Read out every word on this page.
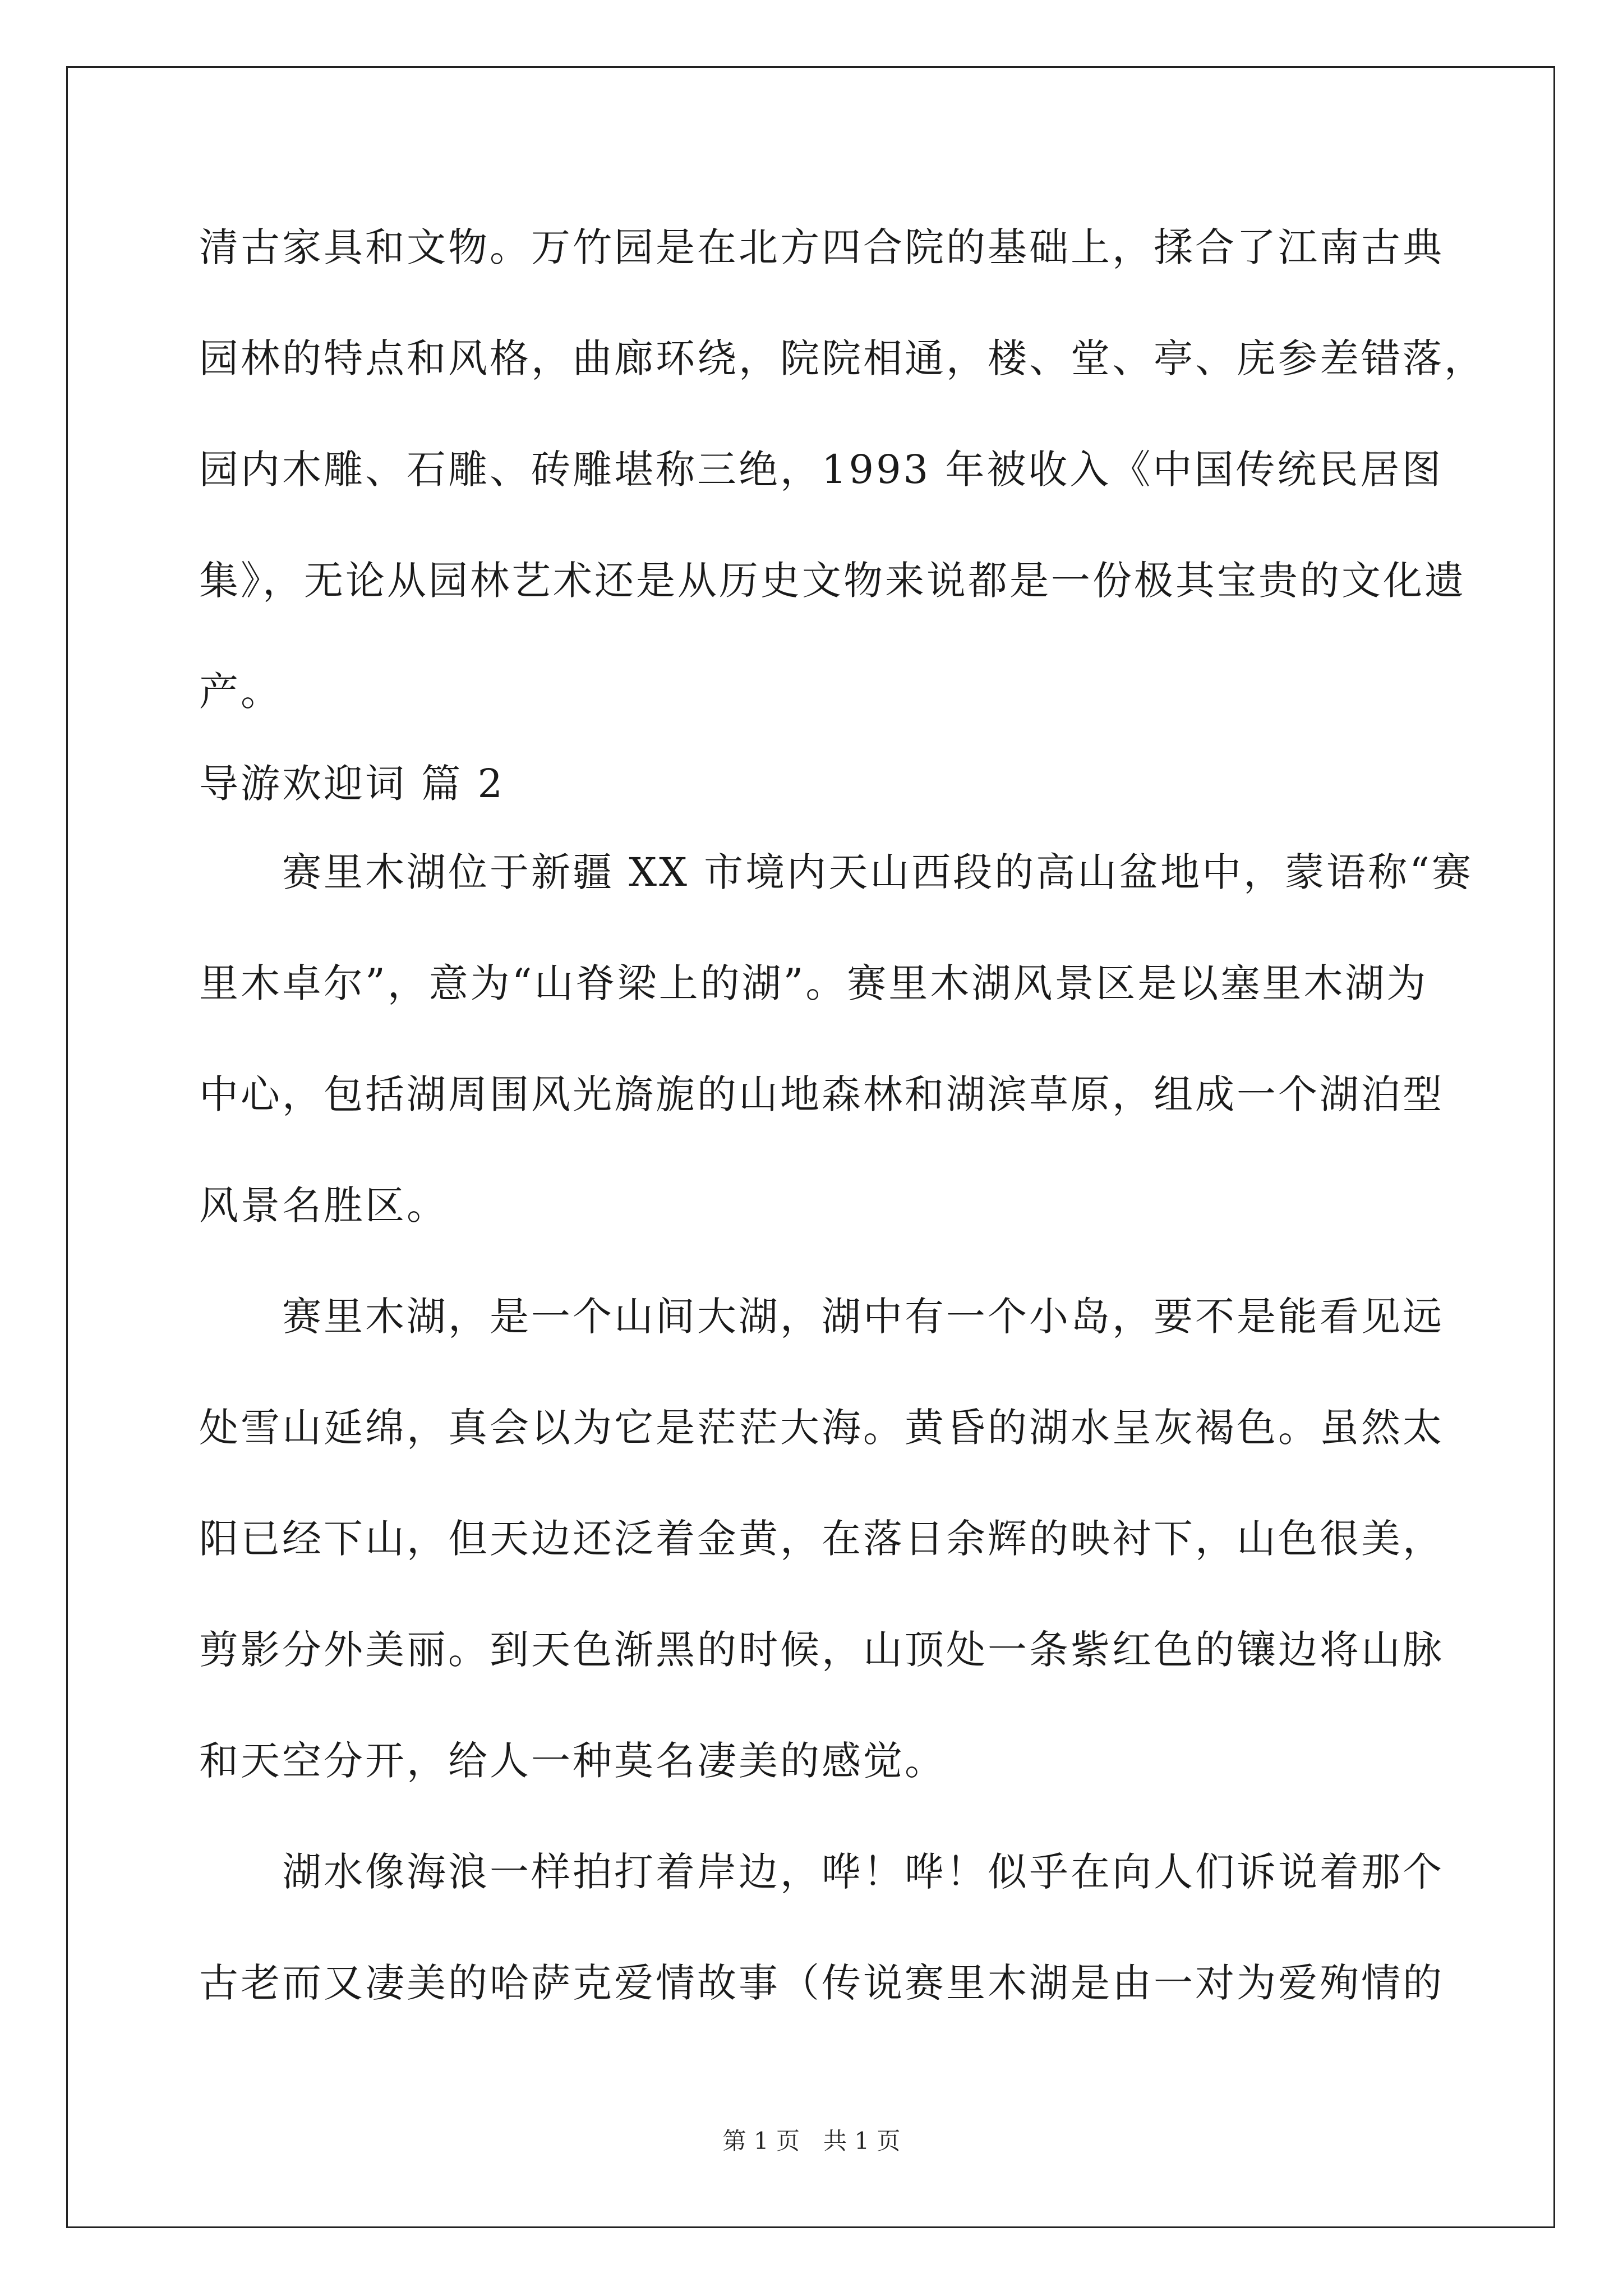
清古家具和文物。万竹园是在北方四合院的基础上，揉合了江南古典
园林的特点和风格，曲廊环绕，院院相通，楼、堂、亭、庑参差错落，
园内木雕、石雕、砖雕堪称三绝，1993 年被收入《中国传统民居图
集》，无论从园林艺术还是从历史文物来说都是一份极其宝贵的文化遗
产。
导游欢迎词 篇 2
赛里木湖位于新疆 XX 市境内天山西段的高山盆地中，蒙语称“赛
里木卓尔”，意为“山脊梁上的湖”。赛里木湖风景区是以塞里木湖为
中心，包括湖周围风光旖旎的山地森林和湖滨草原，组成一个湖泊型
风景名胜区。
赛里木湖，是一个山间大湖，湖中有一个小岛，要不是能看见远
处雪山延绵，真会以为它是茫茫大海。黄昏的湖水呈灰褐色。虽然太
阳已经下山，但天边还泛着金黄，在落日余辉的映衬下，山色很美，
剪影分外美丽。到天色渐黑的时候，山顶处一条紫红色的镶边将山脉
和天空分开，给人一种莫名凄美的感觉。
湖水像海浪一样拍打着岸边，哗！哗！似乎在向人们诉说着那个
古老而又凄美的哈萨克爱情故事（传说赛里木湖是由一对为爱殉情的
第 1 页　共 1 页
